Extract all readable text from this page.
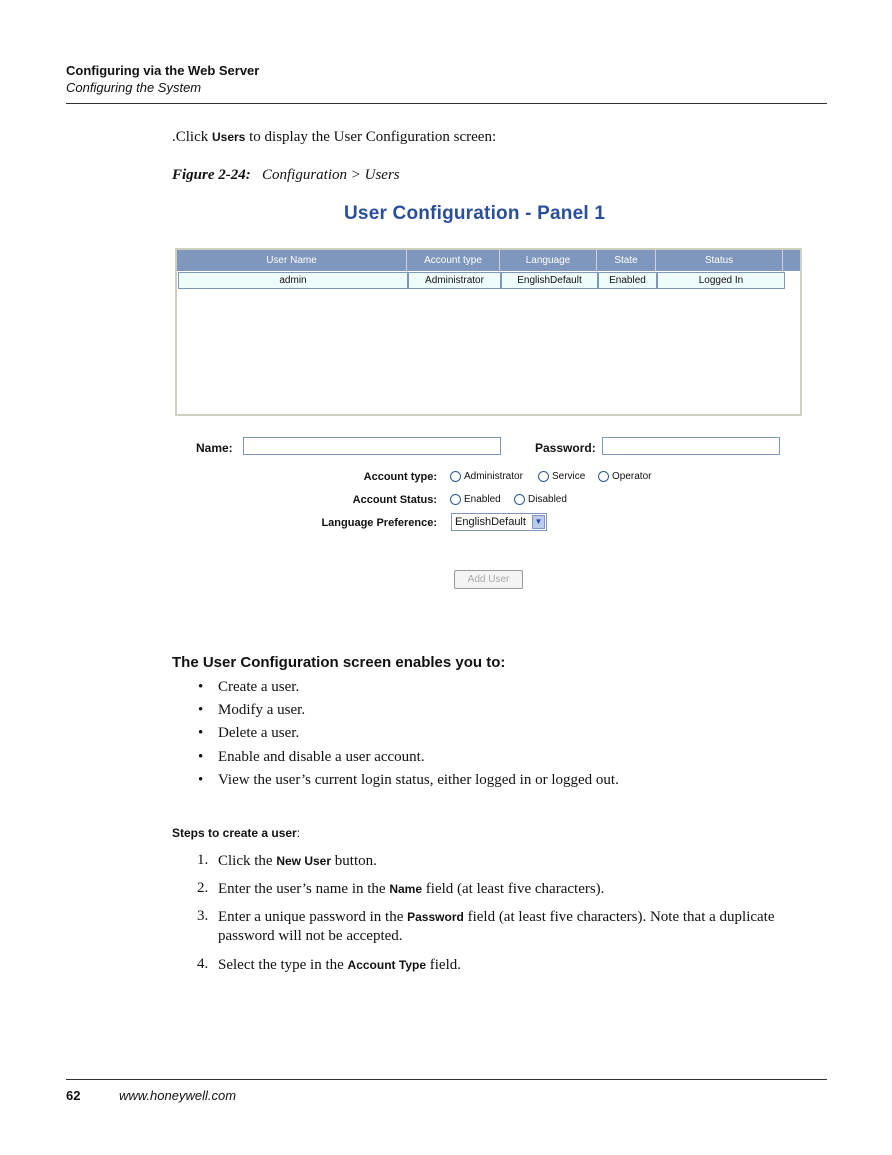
Configuring via the Web Server
Configuring the System
.Click Users to display the User Configuration screen:
Figure 2-24: Configuration > Users
User Configuration - Panel 1
User Name	Account type	Language	State	Status
admin	Administrator	EnglishDefault	Enabled	Logged In
Name:	Password:
Account type:	Administrator	Service	Operator
Account Status:	Enabled	Disabled
Language Preference:	EnglishDefault	▼
Add User
The User Configuration screen enables you to:
• Create a user.
• Modify a user.
• Delete a user.
• Enable and disable a user account.
• View the user’s current login status, either logged in or logged out.
Steps to create a user:
1. Click the New User button.
2. Enter the user’s name in the Name field (at least five characters).
3. Enter a unique password in the Password field (at least five characters). Note that a duplicate password will not be accepted.
4. Select the type in the Account Type field.
62	www.honeywell.com
